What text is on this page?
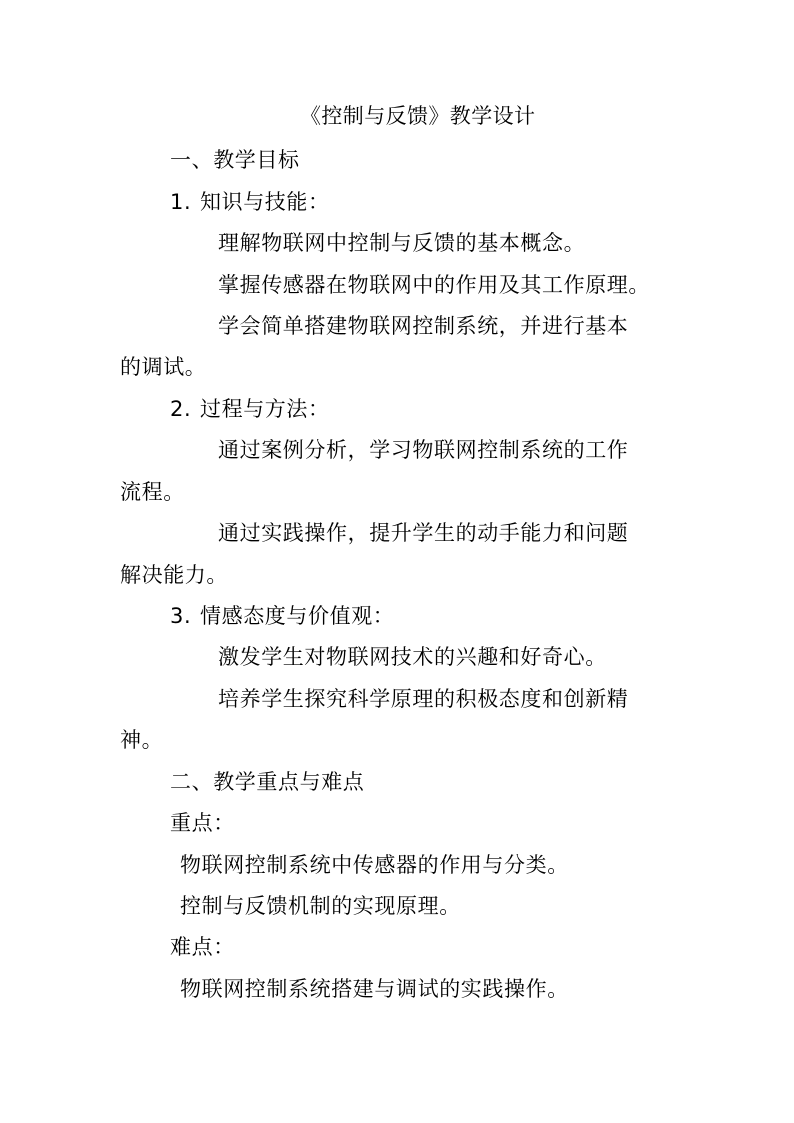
《控制与反馈》教学设计
一、教学目标
1. 知识与技能：
理解物联网中控制与反馈的基本概念。
掌握传感器在物联网中的作用及其工作原理。
学会简单搭建物联网控制系统，并进行基本
的调试。
2. 过程与方法：
通过案例分析，学习物联网控制系统的工作
流程。
通过实践操作，提升学生的动手能力和问题
解决能力。
3. 情感态度与价值观：
激发学生对物联网技术的兴趣和好奇心。
培养学生探究科学原理的积极态度和创新精
神。
二、教学重点与难点
重点：
物联网控制系统中传感器的作用与分类。
控制与反馈机制的实现原理。
难点：
物联网控制系统搭建与调试的实践操作。
